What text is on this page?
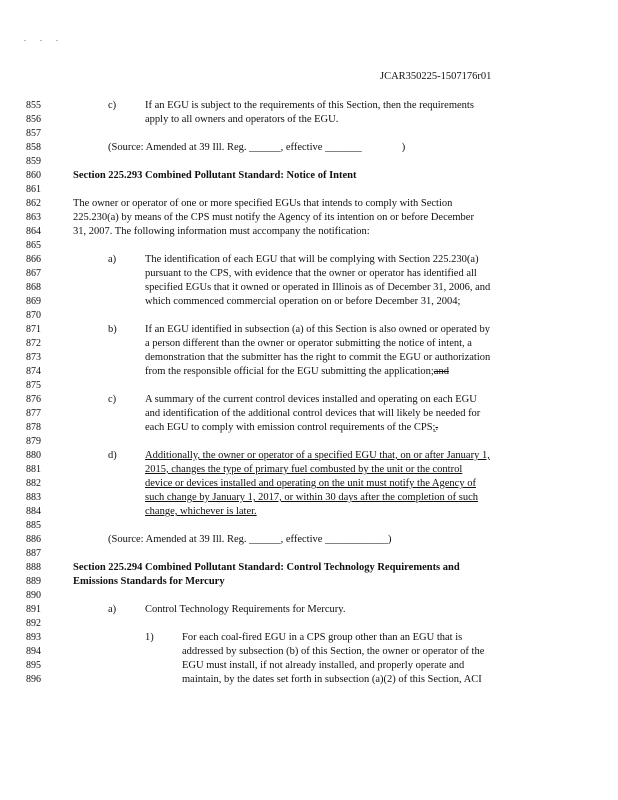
. . .
JCAR350225-1507176r01
855
856
857
858
859
860
861
862
863
864
865
866
867
868
869
870
871
872
873
874
875
876
877
878
879
880
881
882
883
884
885
886
887
888
889
890
891
892
893
894
895
896
c)	If an EGU is subject to the requirements of this Section, then the requirements
apply to all owners and operators of the EGU.
(Source: Amended at 39 Ill. Reg. ______, effective _______	)
Section 225.293 Combined Pollutant Standard: Notice of Intent
The owner or operator of one or more specified EGUs that intends to comply with Section
225.230(a) by means of the CPS must notify the Agency of its intention on or before December
31, 2007. The following information must accompany the notification:
a)	The identification of each EGU that will be complying with Section 225.230(a)
pursuant to the CPS, with evidence that the owner or operator has identified all
specified EGUs that it owned or operated in Illinois as of December 31, 2006, and
which commenced commercial operation on or before December 31, 2004;
b)	If an EGU identified in subsection (a) of this Section is also owned or operated by
a person different than the owner or operator submitting the notice of intent, a
demonstration that the submitter has the right to commit the EGU or authorization
from the responsible official for the EGU submitting the application;and
c)	A summary of the current control devices installed and operating on each EGU
and identification of the additional control devices that will likely be needed for
each EGU to comply with emission control requirements of the CPS;.
d)	Additionally, the owner or operator of a specified EGU that, on or after January 1,
2015, changes the type of primary fuel combusted by the unit or the control
device or devices installed and operating on the unit must notify the Agency of
such change by January 1, 2017, or within 30 days after the completion of such
change, whichever is later.
(Source: Amended at 39 Ill. Reg. ______, effective ____________)
Section 225.294 Combined Pollutant Standard: Control Technology Requirements and
Emissions Standards for Mercury
a)	Control Technology Requirements for Mercury.
1)	For each coal-fired EGU in a CPS group other than an EGU that is
addressed by subsection (b) of this Section, the owner or operator of the
EGU must install, if not already installed, and properly operate and
maintain, by the dates set forth in subsection (a)(2) of this Section, ACI
